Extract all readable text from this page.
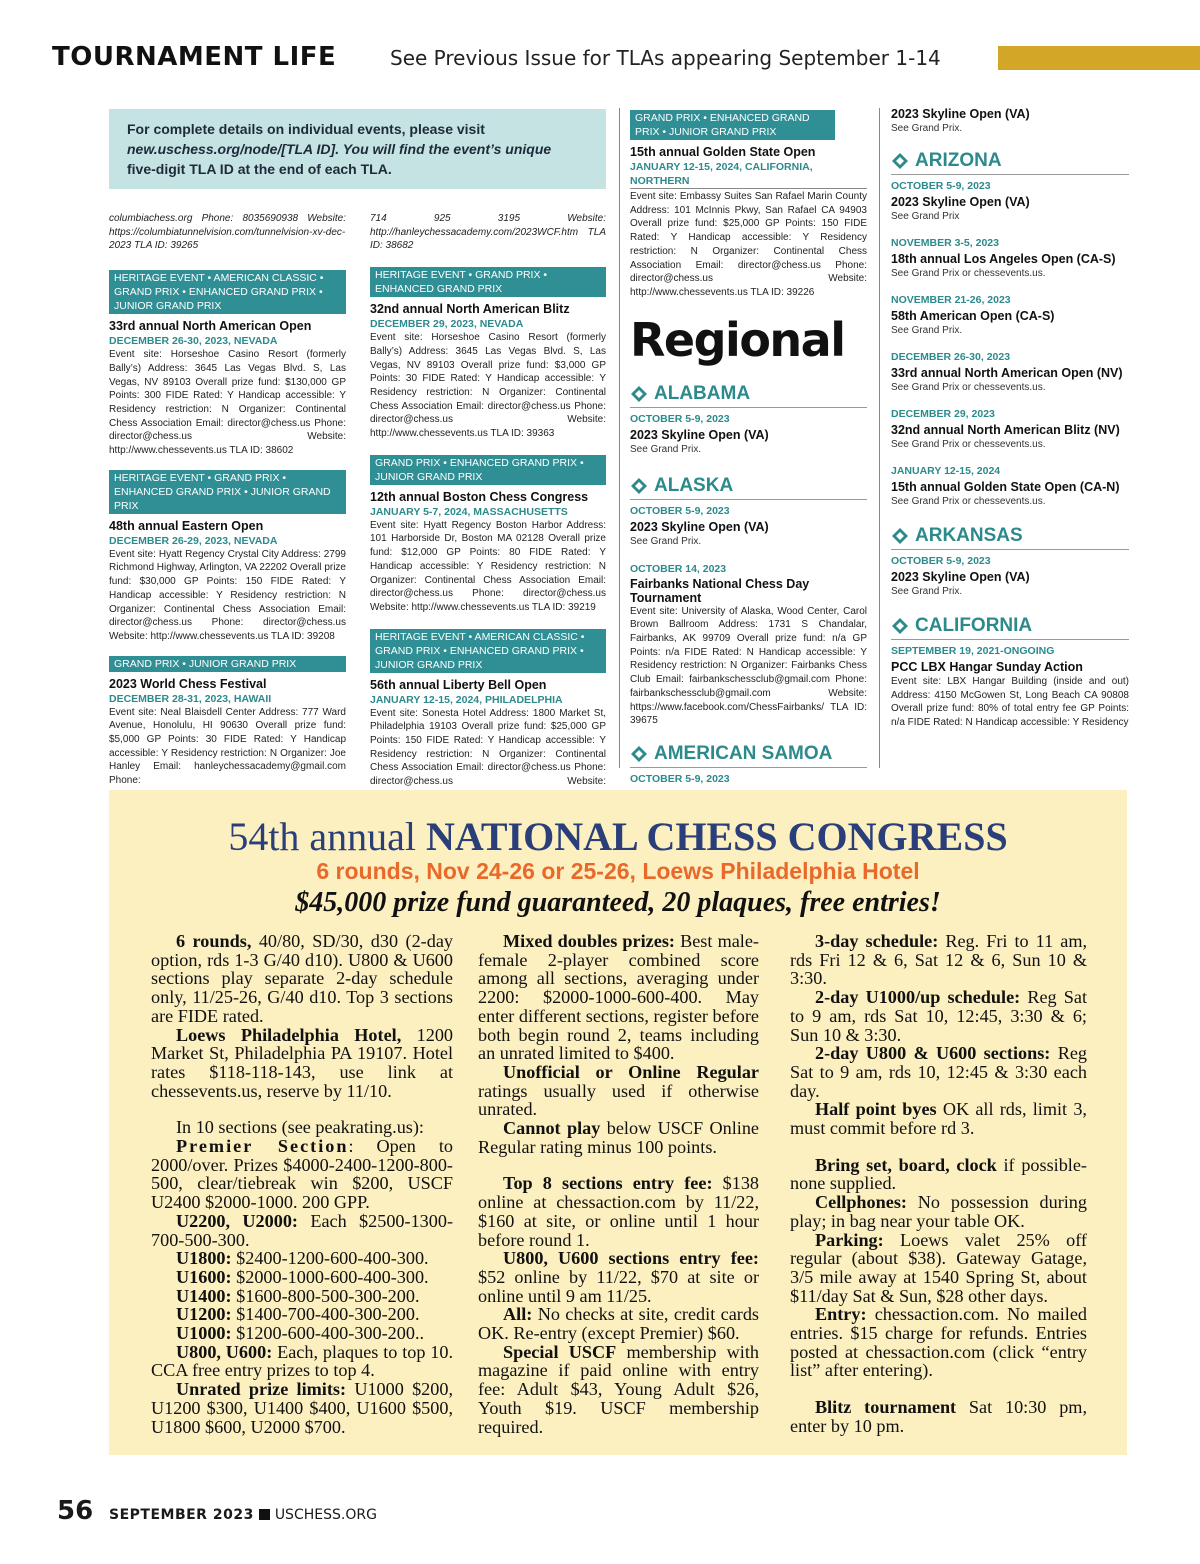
TOURNAMENT LIFE	See Previous Issue for TLAs appearing September 1-14
For complete details on individual events, please visit
new.uschess.org/node/[TLA ID]. You will find the event’s unique
five-digit TLA ID at the end of each TLA.
columbiachess.org Phone: 8035690938 Website: https://columbiatunnelvision.com/tunnelvision-xv-dec-2023 TLA ID: 39265
HERITAGE EVENT • AMERICAN CLASSIC • GRAND PRIX • ENHANCED GRAND PRIX • JUNIOR GRAND PRIX
33rd annual North American Open
DECEMBER 26-30, 2023, NEVADA
Event site: Horseshoe Casino Resort (formerly Bally’s) Address: 3645 Las Vegas Blvd. S, Las Vegas, NV 89103 Overall prize fund: $130,000 GP Points: 300 FIDE Rated: Y Handicap accessible: Y Residency restriction: N Organizer: Continental Chess Association Email: director@chess.us Phone: director@chess.us Website: http://www.chessevents.us TLA ID: 38602
HERITAGE EVENT • GRAND PRIX • ENHANCED GRAND PRIX • JUNIOR GRAND PRIX
48th annual Eastern Open
DECEMBER 26-29, 2023, NEVADA
Event site: Hyatt Regency Crystal City Address: 2799 Richmond Highway, Arlington, VA 22202 Overall prize fund: $30,000 GP Points: 150 FIDE Rated: Y Handicap accessible: Y Residency restriction: N Organizer: Continental Chess Association Email: director@chess.us Phone: director@chess.us Website: http://www.chessevents.us TLA ID: 39208
GRAND PRIX • JUNIOR GRAND PRIX
2023 World Chess Festival
DECEMBER 28-31, 2023, HAWAII
Event site: Neal Blaisdell Center Address: 777 Ward Avenue, Honolulu, HI 90630 Overall prize fund: $5,000 GP Points: 30 FIDE Rated: Y Handicap accessible: Y Residency restriction: N Organizer: Joe Hanley Email: hanleychessacademy@gmail.com Phone:
714 925 3195 Website: http://hanleychessacademy.com/2023WCF.htm TLA ID: 38682
HERITAGE EVENT • GRAND PRIX • ENHANCED GRAND PRIX
32nd annual North American Blitz
DECEMBER 29, 2023, NEVADA
Event site: Horseshoe Casino Resort (formerly Bally’s) Address: 3645 Las Vegas Blvd. S, Las Vegas, NV 89103 Overall prize fund: $3,000 GP Points: 30 FIDE Rated: Y Handicap accessible: Y Residency restriction: N Organizer: Continental Chess Association Email: director@chess.us Phone: director@chess.us Website: http://www.chessevents.us TLA ID: 39363
GRAND PRIX • ENHANCED GRAND PRIX • JUNIOR GRAND PRIX
12th annual Boston Chess Congress
JANUARY 5-7, 2024, MASSACHUSETTS
Event site: Hyatt Regency Boston Harbor Address: 101 Harborside Dr, Boston MA 02128 Overall prize fund: $12,000 GP Points: 80 FIDE Rated: Y Handicap accessible: Y Residency restriction: N Organizer: Continental Chess Association Email: director@chess.us Phone: director@chess.us Website: http://www.chessevents.us TLA ID: 39219
HERITAGE EVENT • AMERICAN CLASSIC • GRAND PRIX • ENHANCED GRAND PRIX • JUNIOR GRAND PRIX
56th annual Liberty Bell Open
JANUARY 12-15, 2024, PHILADELPHIA
Event site: Sonesta Hotel Address: 1800 Market St, Philadelphia 19103 Overall prize fund: $25,000 GP Points: 150 FIDE Rated: Y Handicap accessible: Y Residency restriction: N Organizer: Continental Chess Association Email: director@chess.us Phone: director@chess.us Website:
GRAND PRIX • ENHANCED GRAND PRIX • JUNIOR GRAND PRIX
15th annual Golden State Open
JANUARY 12-15, 2024, CALIFORNIA, NORTHERN
Event site: Embassy Suites San Rafael Marin County Address: 101 McInnis Pkwy, San Rafael CA 94903 Overall prize fund: $25,000 GP Points: 150 FIDE Rated: Y Handicap accessible: Y Residency restriction: N Organizer: Continental Chess Association Email: director@chess.us Phone: director@chess.us Website: http://www.chessevents.us TLA ID: 39226
Regional
ALABAMA
OCTOBER 5-9, 2023
2023 Skyline Open (VA)
See Grand Prix.
ALASKA
OCTOBER 5-9, 2023
2023 Skyline Open (VA)
See Grand Prix.
OCTOBER 14, 2023
Fairbanks National Chess Day Tournament
Event site: University of Alaska, Wood Center, Carol Brown Ballroom Address: 1731 S Chandalar, Fairbanks, AK 99709 Overall prize fund: n/a GP Points: n/a FIDE Rated: N Handicap accessible: Y Residency restriction: N Organizer: Fairbanks Chess Club Email: fairbankschessclub@gmail.com Phone: fairbankschessclub@gmail.com Website: https://www.facebook.com/ChessFairbanks/ TLA ID: 39675
AMERICAN SAMOA
OCTOBER 5-9, 2023
2023 Skyline Open (VA)
See Grand Prix.
ARIZONA
OCTOBER 5-9, 2023
2023 Skyline Open (VA)
See Grand Prix
NOVEMBER 3-5, 2023
18th annual Los Angeles Open (CA-S)
See Grand Prix or chessevents.us.
NOVEMBER 21-26, 2023
58th American Open (CA-S)
See Grand Prix.
DECEMBER 26-30, 2023
33rd annual North American Open (NV)
See Grand Prix or chessevents.us.
DECEMBER 29, 2023
32nd annual North American Blitz (NV)
See Grand Prix or chessevents.us.
JANUARY 12-15, 2024
15th annual Golden State Open (CA-N)
See Grand Prix or chessevents.us.
ARKANSAS
OCTOBER 5-9, 2023
2023 Skyline Open (VA)
See Grand Prix.
CALIFORNIA
SEPTEMBER 19, 2021-ONGOING
PCC LBX Hangar Sunday Action
Event site: LBX Hangar Building (inside and out) Address: 4150 McGowen St, Long Beach CA 90808 Overall prize fund: 80% of total entry fee GP Points: n/a FIDE Rated: N Handicap accessible: Y Residency
54th annual NATIONAL CHESS CONGRESS
6 rounds, Nov 24-26 or 25-26, Loews Philadelphia Hotel
$45,000 prize fund guaranteed, 20 plaques, free entries!

6 rounds, 40/80, SD/30, d30 (2-day option, rds 1-3 G/40 d10). U800 & U600 sections play separate 2-day schedule only, 11/25-26, G/40 d10. Top 3 sections are FIDE rated.

Loews Philadelphia Hotel, 1200 Market St, Philadelphia PA 19107. Hotel rates $118-118-143, use link at chessevents.us, reserve by 11/10.

In 10 sections (see peakrating.us):

Premier Section: Open to 2000/over. Prizes $4000-2400-1200-800-500, clear/tiebreak win $200, USCF U2400 $2000-1000. 200 GPP.

U2200, U2000: Each $2500-1300-700-500-300.

U1800: $2400-1200-600-400-300.

U1600: $2000-1000-600-400-300.

U1400: $1600-800-500-300-200.

U1200: $1400-700-400-300-200.

U1000: $1200-600-400-300-200..

U800, U600: Each, plaques to top 10. CCA free entry prizes to top 4.

Unrated prize limits: U1000 $200, U1200 $300, U1400 $400, U1600 $500, U1800 $600, U2000 $700.

Mixed doubles prizes: Best male-female 2-player combined score among all sections, averaging under 2200: $2000-1000-600-400. May enter different sections, register before both begin round 2, teams including an unrated limited to $400.

Unofficial or Online Regular ratings usually used if otherwise unrated.

Cannot play below USCF Online Regular rating minus 100 points.

Top 8 sections entry fee: $138 online at chessaction.com by 11/22, $160 at site, or online until 1 hour before round 1.

U800, U600 sections entry fee: $52 online by 11/22, $70 at site or online until 9 am 11/25.

All: No checks at site, credit cards OK. Re-entry (except Premier) $60.

Special USCF membership with magazine if paid online with entry fee: Adult $43, Young Adult $26, Youth $19. USCF membership required.

3-day schedule: Reg. Fri to 11 am, rds Fri 12 & 6, Sat 12 & 6, Sun 10 & 3:30.

2-day U1000/up schedule: Reg Sat to 9 am, rds Sat 10, 12:45, 3:30 & 6; Sun 10 & 3:30.

2-day U800 & U600 sections: Reg Sat to 9 am, rds 10, 12:45 & 3:30 each day.

Half point byes OK all rds, limit 3, must commit before rd 3.

Bring set, board, clock if possible-none supplied.

Cellphones: No possession during play; in bag near your table OK.

Parking: Loews valet 25% off regular (about $38). Gateway Gatage, 3/5 mile away at 1540 Spring St, about $11/day Sat & Sun, $28 other days.

Entry: chessaction.com. No mailed entries. $15 charge for refunds. Entries posted at chessaction.com (click “entry list” after entering).

Blitz tournament Sat 10:30 pm, enter by 10 pm.

56 SEPTEMBER 2023 USCHESS.ORG
